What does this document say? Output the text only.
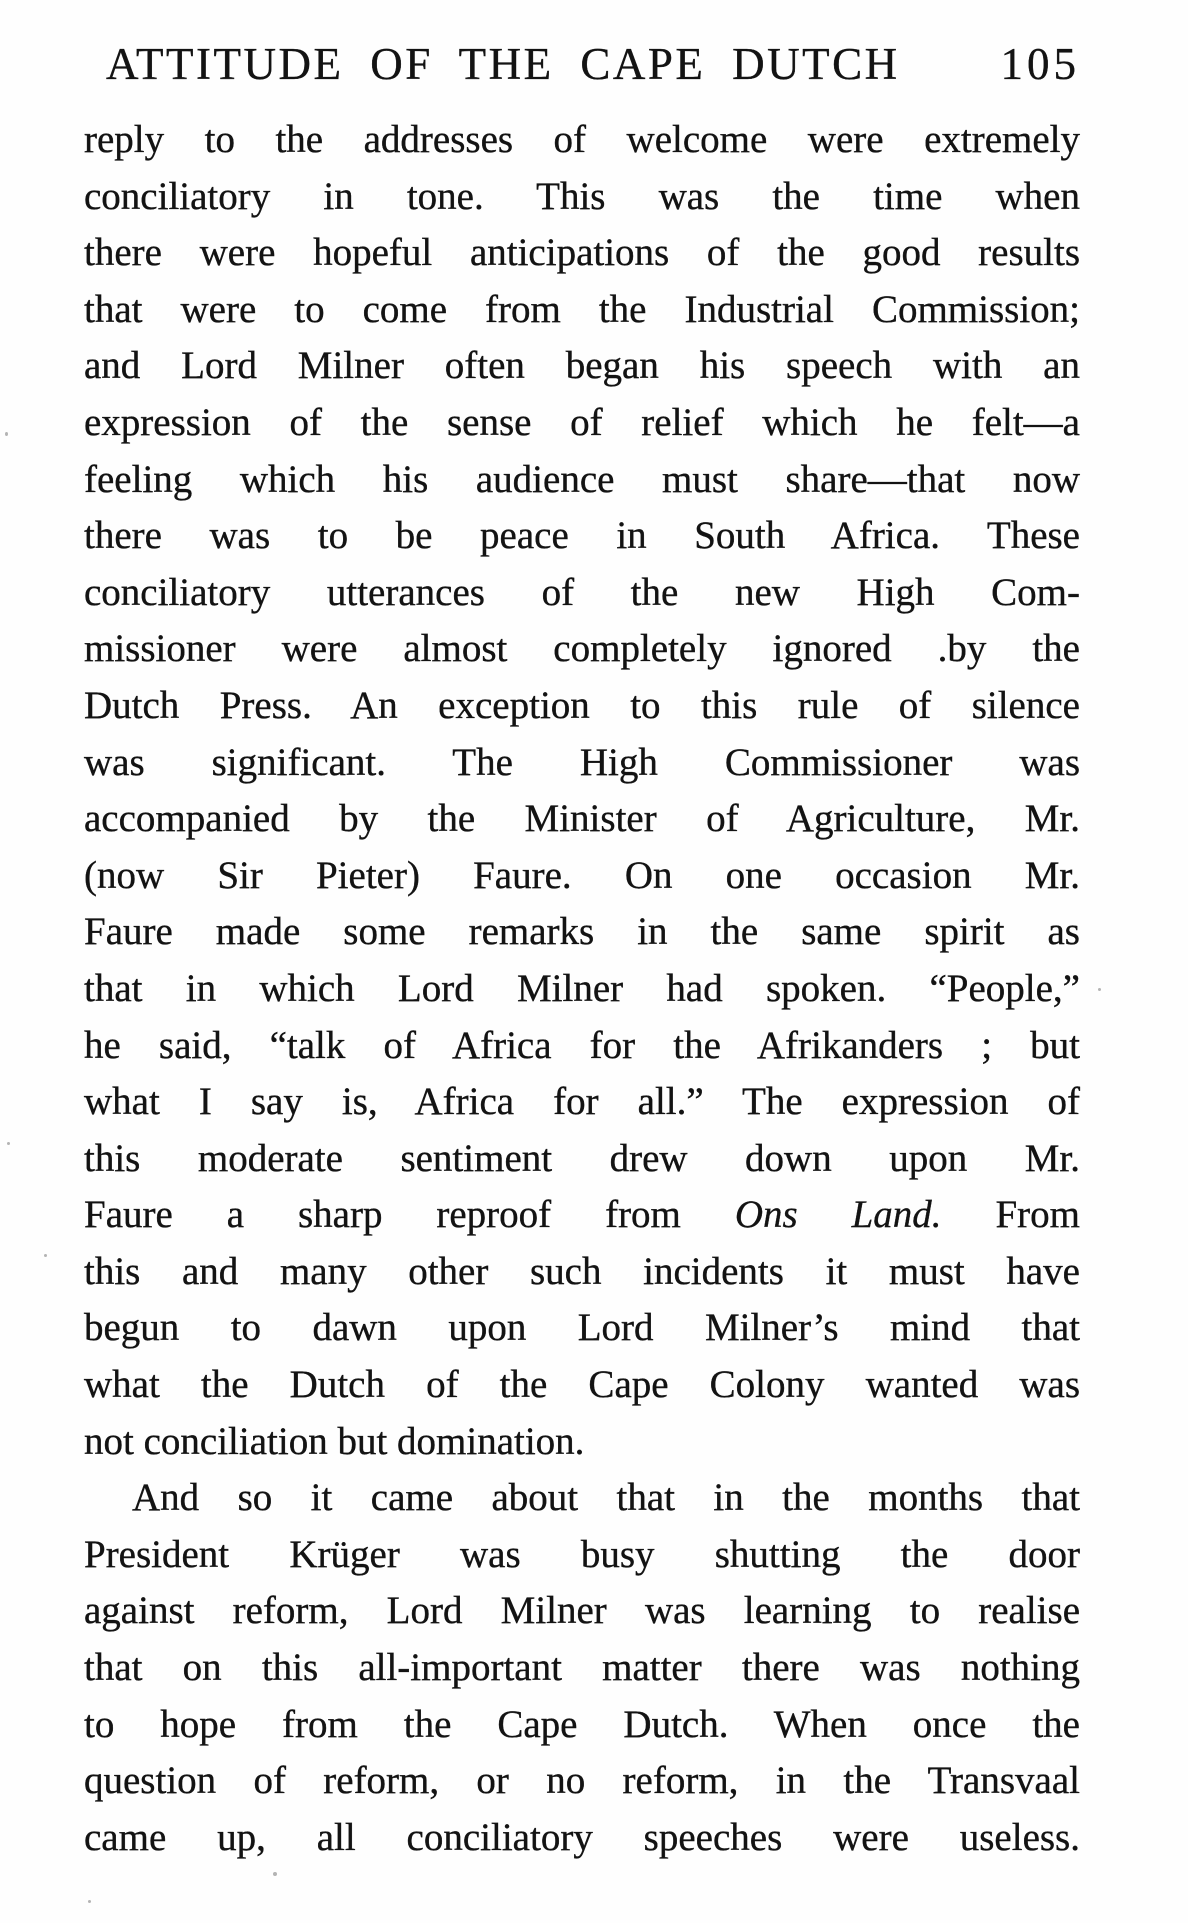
ATTITUDE OF THE CAPE DUTCH 105
reply to the addresses of welcome were extremely
conciliatory in tone. This was the time when
there were hopeful anticipations of the good results
that were to come from the Industrial Commission;
and Lord Milner often began his speech with an
expression of the sense of relief which he felt—a
feeling which his audience must share—that now
there was to be peace in South Africa. These
conciliatory utterances of the new High Com-
missioner were almost completely ignored .by the
Dutch Press. An exception to this rule of silence
was significant. The High Commissioner was
accompanied by the Minister of Agriculture, Mr.
(now Sir Pieter) Faure. On one occasion Mr.
Faure made some remarks in the same spirit as
that in which Lord Milner had spoken. “People,”
he said, “talk of Africa for the Afrikanders ; but
what I say is, Africa for all.” The expression of
this moderate sentiment drew down upon Mr.
Faure a sharp reproof from Ons Land. From
this and many other such incidents it must have
begun to dawn upon Lord Milner’s mind that
what the Dutch of the Cape Colony wanted was
not conciliation but domination.
And so it came about that in the months that
President Krüger was busy shutting the door
against reform, Lord Milner was learning to realise
that on this all-important matter there was nothing
to hope from the Cape Dutch. When once the
question of reform, or no reform, in the Transvaal
came up, all conciliatory speeches were useless.
